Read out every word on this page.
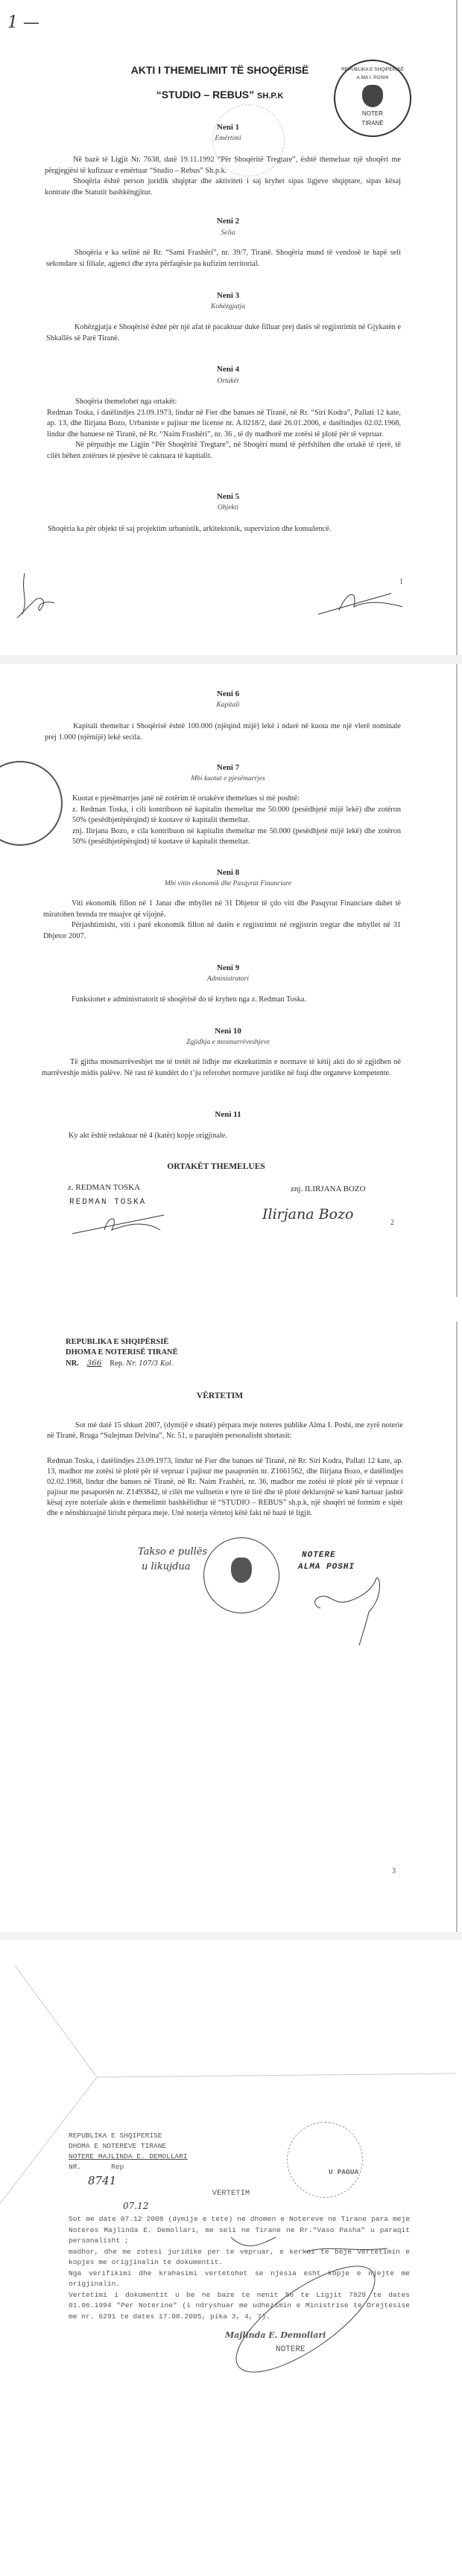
1 —
AKTI I THEMELIMIT TË SHOQËRISË
“STUDIO – REBUS” SH.P.K
REPUBLIKA E SHQIPERISË
A.MA I. POSHI
NOTER
TIRANË
Neni 1
Emërtimi

Në bazë të Ligjit Nr. 7638, datë 19.11.1992 “Për Shoqëritë Tregtare”, është themeluar një shoqëri me përgjegjësi të kufizuar e emërtuar “Studio – Rebus” Sh.p.k.

Shoqëria është person juridik shqiptar dhe aktiviteti i saj kryhet sipas ligjeve shqiptare, sipas kësaj kontrate dhe Statutit bashkëngjitur.

Neni 2
Selia

Shoqëria e ka selinë në Rr. “Sami Frashëri”, nr. 39/7, Tiranë. Shoqëria mund të vendosë te hapë seli sekondare si filiale, agjenci dhe zyra përfaqësie pa kufizim territorial.

Neni 3
Kohëzgjatja

Kohëzgjatja e Shoqërisë është për një afat të pacaktuar duke filluar prej datës së regjistrimit në Gjykatën e Shkallës së Parë Tiranë.

Neni 4
Ortakët

Shoqëria themelohet nga ortakët:

Redman Toska, i datëlindjes 23.09.1973, lindur në Fier dhe banues në Tiranë, në Rr. “Siri Kodra”, Pallati 12 kate, ap. 13, dhe Ilirjana Bozo, Urbaniste e pajisur me license nr. A.0218/2, datë 26.01.2006, e datëlindjes 02.02.1968, lindur dhe banuese në Tiranë, në Rr. “Naim Frashëri”, nr. 36 , të dy madhorë me zotësi të plotë për të vepruar.

Në përputhje me Ligjin “Për Shoqëritë Tregtare”, në Shoqëri mund të përfshihen dhe ortakë të rjerë, të cilët bëhen zotërues të pjesëve të caktuara të kapitalit.

Neni 5
Objekti

Shoqëria ka për objekt të saj projektim urbanistik, arkitektonik, supervizion dhe konsulencë.

1
Neni 6
Kapitali

Kapitali themeltar i Shoqërisë është 100.000 (njëqind mijë) lekë i ndarë në kuota me një vlerë nominale prej 1.000 (njëmijë) lekë secila.

Neni 7
Mbi kuotat e pjesëmarrjes

Kuotat e pjesëmarrjes janë në zotërim të ortakëve themelues si më poshtë:

z. Redman Toska, i cili kontribuon në kapitalin themeltar me 50.000 (pesëdhjetë mijë lekë) dhe zotëron 50% (pesëdhjetëpërqind) të kuotave të kapitalit themeltar.

znj. Ilirjana Bozo, e cila kontribuon në kapitalin themeltar me 50.000 (pesëdhjetë mijë lekë) dhe zotëron 50% (pesëdhjetëpërqind) të kuotave të kapitalit themeltar.

Neni 8
Mbi vitin ekonomik dhe Pasqyrat Financiare

Viti ekonomik fillon në 1 Janar dhe mbyllet në 31 Dhjetor të çdo viti dhe Pasqyrat Financiare duhet të miratohen brenda tre muajve që vijojnë.

Përjashtimisht, viti i parë ekonomik fillon në datën e regjistrimit në regjistrin tregtar dhe mbyllet në 31 Dhjetor 2007.

Neni 9
Administratori

Funksionet e administratorit të shoqërisë do të kryhen nga z. Redman Toska.

Neni 10
Zgjidhja e mosmarrëveshjeve

Të gjitha mosmarrëveshjet me të tretët në lidhje me ekzekutimin e normave të këtij akti do të zgjidhen në marrëveshje midis palëve. Në rast të kundërt do t’ju referohet normave juridike në fuqi dhe organeve kompetente.

Neni 11

Ky akt është redaktuar në 4 (katër) kopje origjinale.

ORTAKËT THEMELUES
z. REDMAN TOSKA
REDMAN TOSKA
znj. ILIRJANA BOZO
Ilirjana Bozo
2
REPUBLIKA E SHQIPËRSIË
DHOMA E NOTERISË TIRANË
NR. 366 Rep. Nr. 107/3 Kol.
VËRTETIM

Sot më datë 15 shkurt 2007, (dymijë e shtatë) përpara meje noteres publike Alma I. Poshi, me zyrë noterie në Tiranë, Rruga “Sulejman Delvina”, Nr. 51, u paraqitën personalisht shtetasit:

Redman Toska, i datëlindjes 23.09.1973, lindur në Fier dhe banues në Tiranë, në Rr. Siri Kodra, Pallati 12 kate, ap. 13, madhor me zotësi të plotë për të vepruar i pajisur me pasaportën nr. Z1661562, dhe Ilirjana Bozo, e datëlindjes 02.02.1968, lindur dhe banues në Tiranë, në Rr. Naim Frashëri, nr. 36, madhor me zotësi të plotë për të vepruar i pajisur me pasaportën nr. Z1493842, të cilët me vullnetin e tyre të lirë dhe të plotë deklarojnë se kanë hartuar jashtë kësaj zyre noteriale aktin e themelimit bashkëlidhur të “STUDIO – REBUS” sh.p.k, një shoqëri në formim e sipër dhe e nënshkruajnë lirisht përpara meje. Unë noterja vërtetoj këtë fakt në bazë të ligjit.

Takso e pullës
u likujdua
NOTERE
ALMA POSHI
3
REPUBLIKA E SHQIPERISE
DHOMA E NOTEREVE TIRANE
NOTERE MAJLINDA E. DEMOLLARI
NR.	Rep
8741
U PAGUA
VERTETIM
07.12

Sot me date 07.12 2008 (dymije e tete) ne dhomen e Notereve ne Tirane para meje Noteres Majlinda E. Demollari, me seli ne Tirane ne Rr."Vaso Pasha" u paraqit personalisht ;

madhor, dhe me zotesi juridike per te vepruar, e kerkoi te beje vertetimin e kopjes me origjinalin te dokumentit.

Nga verifikimi dhe krahasimi vertetohet se njesia esht kopje e njejte me origjinalin.

Vertetimi i dokumentit u be ne baze te nenit 56 te Ligjit 7829 te dates 01.06.1994 "Per Noterine" (i ndryshuar me udhezimin e Ministrise te Drejtesise me nr. 6291 te dates 17.08.2005, pika 3, 4, 7).

Majlinda E. Demollari
NOTERE
